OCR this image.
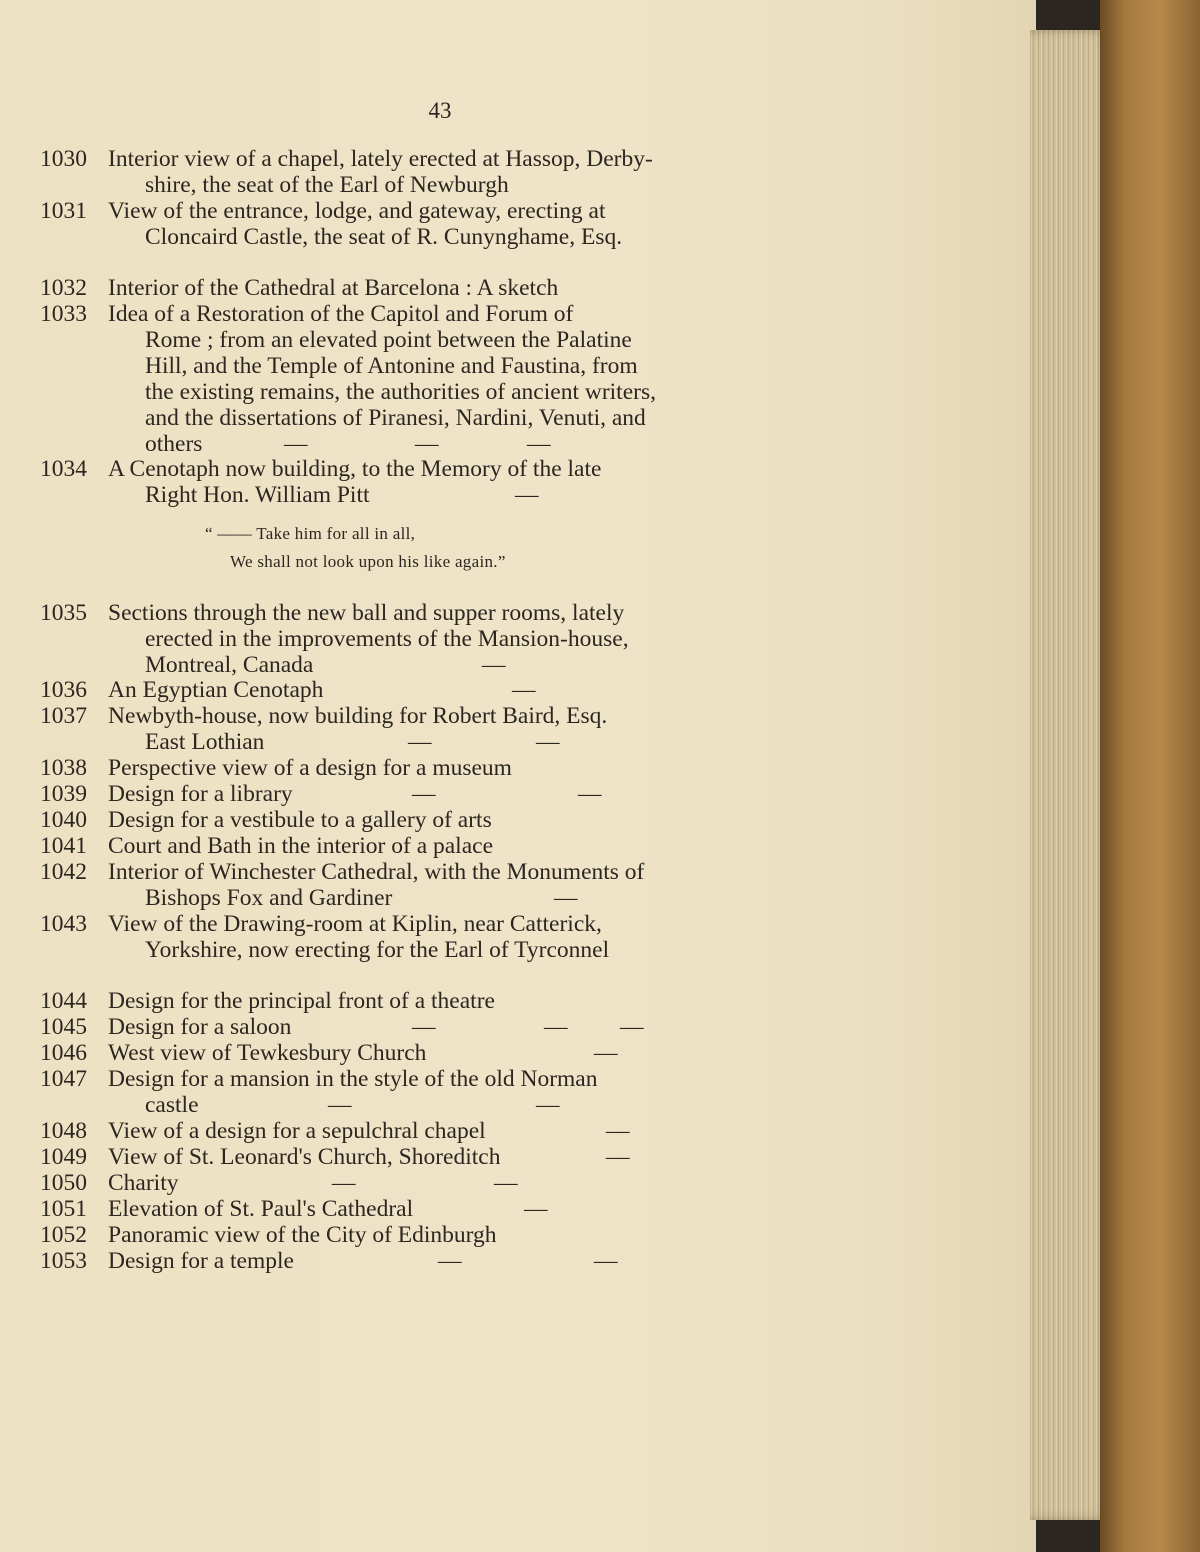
43
1030 Interior view of a chapel, lately erected at Hassop, Derby-
shire, the seat of the Earl of Newburgh
1031 View of the entrance, lodge, and gateway, erecting at
Cloncaird Castle, the seat of R. Cunynghame, Esq.
1032 Interior of the Cathedral at Barcelona : A sketch
1033 Idea of a Restoration of the Capitol and Forum of
Rome ; from an elevated point between the Palatine
Hill, and the Temple of Antonine and Faustina, from
the existing remains, the authorities of ancient writers,
and the dissertations of Piranesi, Nardini, Venuti, and
others	—	—	—
1034 A Cenotaph now building, to the Memory of the late
Right Hon. William Pitt	—
1035 Sections through the new ball and supper rooms, lately
erected in the improvements of the Mansion-house,
Montreal, Canada	—
1036 An Egyptian Cenotaph	—
1037 Newbyth-house, now building for Robert Baird, Esq.
East Lothian	—	—
1038 Perspective view of a design for a museum
1039 Design for a library	—	—
1040 Design for a vestibule to a gallery of arts
1041 Court and Bath in the interior of a palace
1042 Interior of Winchester Cathedral, with the Monuments of
Bishops Fox and Gardiner	—
1043 View of the Drawing-room at Kiplin, near Catterick,
Yorkshire, now erecting for the Earl of Tyrconnel
1044 Design for the principal front of a theatre
1045 Design for a saloon	—	— —
1046 West view of Tewkesbury Church	—
1047 Design for a mansion in the style of the old Norman
castle	—	—
1048 View of a design for a sepulchral chapel	—
1049 View of St. Leonard's Church, Shoreditch	—
1050 Charity	—	—
1051 Elevation of St. Paul's Cathedral	—
1052 Panoramic view of the City of Edinburgh
1053 Design for a temple	—	—
“ —— Take him for all in all,
We shall not look upon his like again.”
